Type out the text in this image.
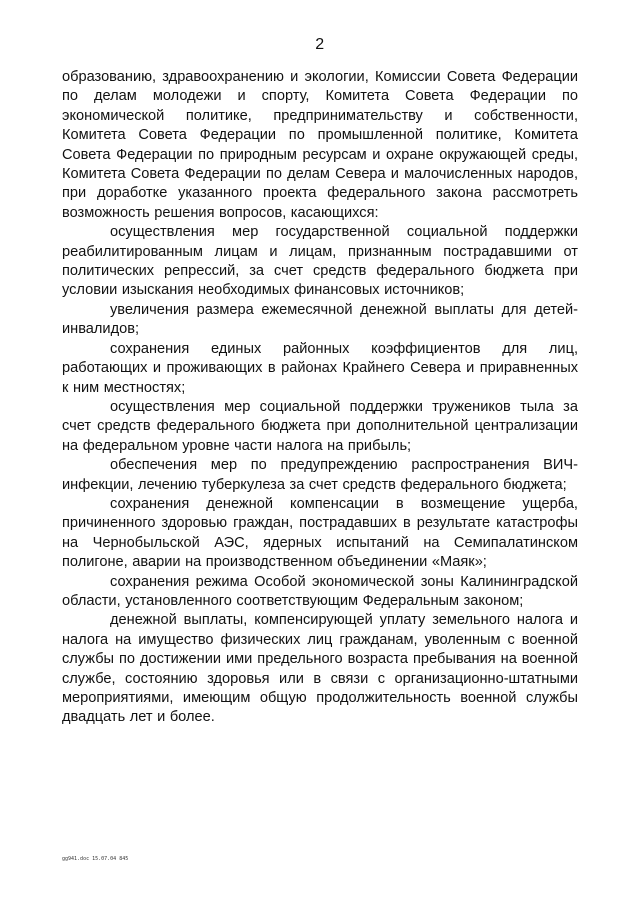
2

образованию, здравоохранению и экологии, Комиссии Совета Федерации по делам молодежи и спорту, Комитета Совета Федерации по экономической политике, предпринимательству и собственности, Комитета Совета Федерации по промышленной политике, Комитета Совета Федерации по природным ресурсам и охране окружающей среды, Комитета Совета Федерации по делам Севера и малочисленных народов, при доработке указанного проекта федерального закона рассмотреть возможность решения вопросов, касающихся:

осуществления мер государственной социальной поддержки реабилитированным лицам и лицам, признанным пострадавшими от политических репрессий, за счет средств федерального бюджета при условии изыскания необходимых финансовых источников;

увеличения размера ежемесячной денежной выплаты для детей-инвалидов;

сохранения единых районных коэффициентов для лиц, работающих и проживающих в районах Крайнего Севера и приравненных к ним местностях;

осуществления мер социальной поддержки тружеников тыла за счет средств федерального бюджета при дополнительной централизации на федеральном уровне части налога на прибыль;

обеспечения мер по предупреждению распространения ВИЧ-инфекции, лечению туберкулеза за счет средств федерального бюджета;

сохранения денежной компенсации в возмещение ущерба, причиненного здоровью граждан, пострадавших в результате катастрофы на Чернобыльской АЭС, ядерных испытаний на Семипалатинском полигоне, аварии на производственном объединении «Маяк»;

сохранения режима Особой экономической зоны Калининградской области, установленного соответствующим Федеральным законом;

денежной выплаты, компенсирующей уплату земельного налога и налога на имущество физических лиц гражданам, уволенным с военной службы по достижении ими предельного возраста пребывания на военной службе, состоянию здоровья или в связи с организационно-штатными мероприятиями, имеющим общую продолжительность военной службы двадцать лет и более.

gg941.doc 15.07.04 845
